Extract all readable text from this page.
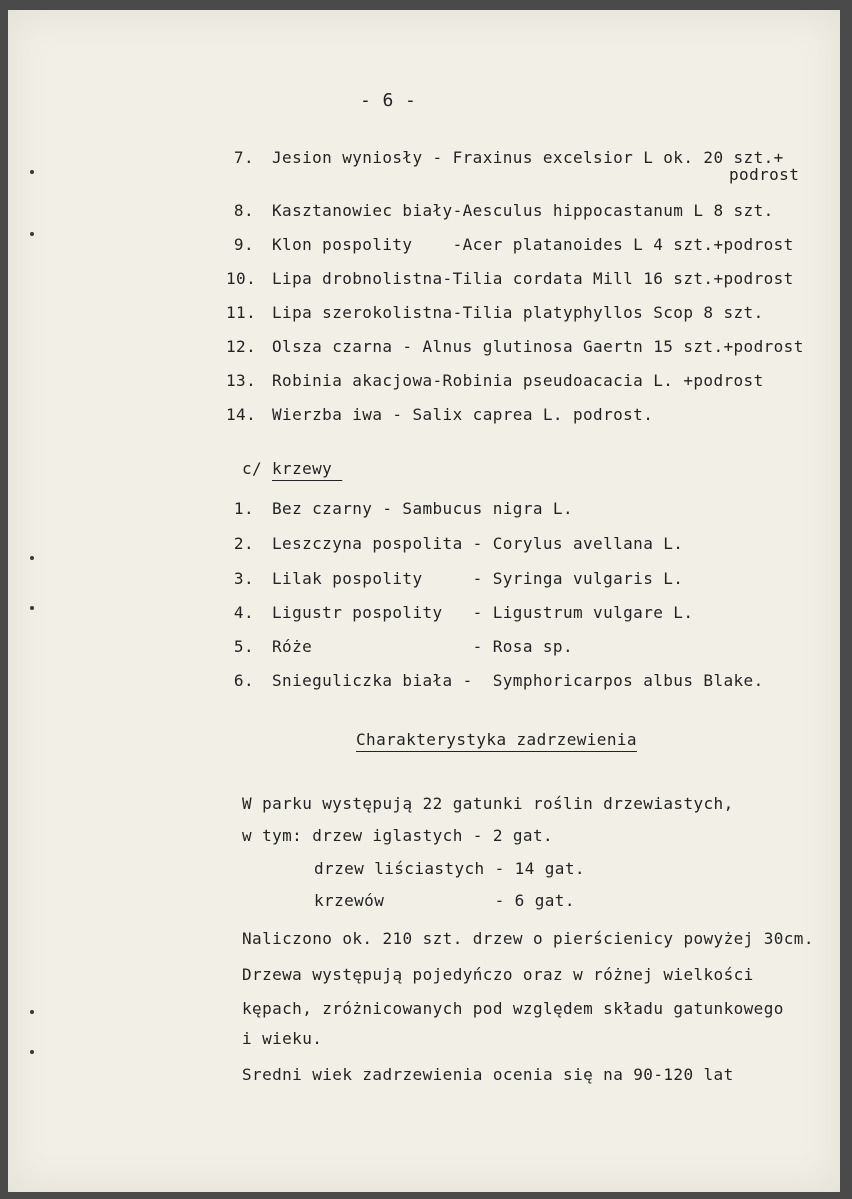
- 6 -
7. Jesion wyniosły - Fraxinus excelsior L ok. 20 szt.+
podrost
8. Kasztanowiec biały-Aesculus hippocastanum L 8 szt.
9. Klon pospolity    -Acer platanoides L 4 szt.+podrost
10. Lipa drobnolistna-Tilia cordata Mill 16 szt.+podrost
11. Lipa szerokolistna-Tilia platyphyllos Scop 8 szt.
12. Olsza czarna - Alnus glutinosa Gaertn 15 szt.+podrost
13. Robinia akacjowa-Robinia pseudoacacia L. +podrost
14. Wierzba iwa - Salix caprea L. podrost.
c/ krzewy
1. Bez czarny - Sambucus nigra L.
2. Leszczyna pospolita - Corylus avellana L.
3. Lilak pospolity     - Syringa vulgaris L.
4. Ligustr pospolity   - Ligustrum vulgare L.
5. Róże                - Rosa sp.
6. Snieguliczka biała -  Symphoricarpos albus Blake.
Charakterystyka zadrzewienia
W parku występują 22 gatunki roślin drzewiastych,
w tym: drzew iglastych - 2 gat.
drzew liściastych - 14 gat.
krzewów           - 6 gat.
Naliczono ok. 210 szt. drzew o pierścienicy powyżej 30cm.
Drzewa występują pojedyńczo oraz w różnej wielkości
kępach, zróżnicowanych pod względem składu gatunkowego
i wieku.
Sredni wiek zadrzewienia ocenia się na 90-120 lat
